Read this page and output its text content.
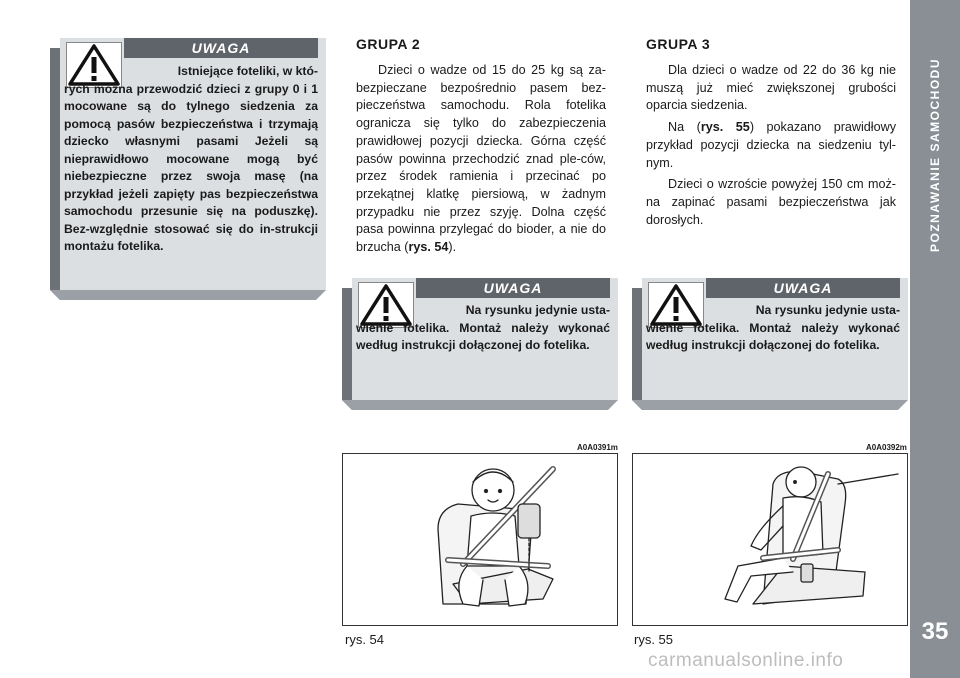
POZNAWANIE SAMOCHODU
35
UWAGA
Istniejące foteliki, w któ-
rych można przewodzić dzieci z grupy 0 i 1 mocowane są do tylnego siedzenia za pomocą pasów bezpieczeństwa i trzymają dziecko własnymi pasami Jeżeli są nieprawidłowo mocowane mogą być niebezpieczne przez swoja masę (na przykład jeżeli zapięty pas bezpieczeństwa samochodu przesunie się na poduszkę). Bez-względnie stosować się do in-strukcji montażu fotelika.
GRUPA 2

Dzieci o wadze od 15 do 25 kg są za-bezpieczane bezpośrednio pasem bez-pieczeństwa samochodu. Rola fotelika ogranicza się tylko do zabezpieczenia prawidłowej pozycji dziecka. Górna część pasów powinna przechodzić znad ple-ców, przez środek ramienia i przecinać po przekątnej klatkę piersiową, w żadnym przypadku nie przez szyję. Dolna część pasa powinna przylegać do bioder, a nie do brzucha (rys. 54).

GRUPA 3

Dla dzieci o wadze od 22 do 36 kg nie muszą już mieć zwiększonej grubości oparcia siedzenia.

Na (rys. 55) pokazano prawidłowy przykład pozycji dziecka na siedzeniu tyl-nym.

Dzieci o wzroście powyżej 150 cm moż-na zapinać pasami bezpieczeństwa jak dorosłych.

UWAGA
Na rysunku jedynie usta-
wienie fotelika. Montaż należy wykonać według instrukcji dołączonej do fotelika.
UWAGA
Na rysunku jedynie usta-
wienie fotelika. Montaż należy wykonać według instrukcji dołączonej do fotelika.
A0A0391m
rys. 54
A0A0392m
rys. 55
carmanualsonline.info
